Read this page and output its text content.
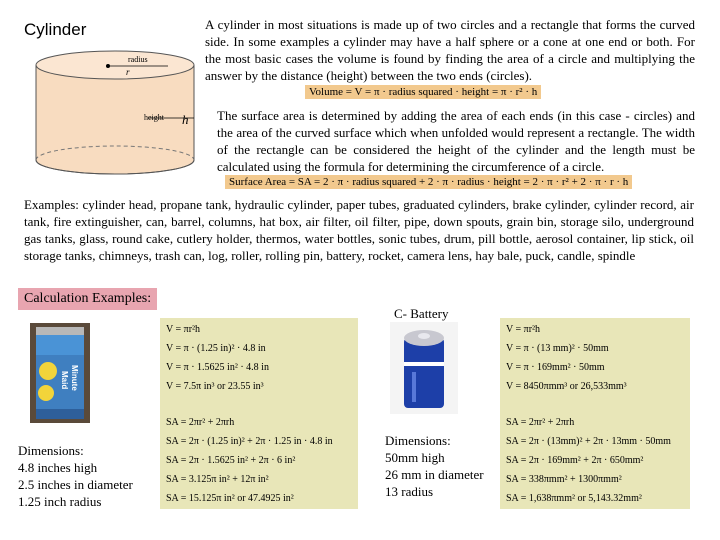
Cylinder
radius
r
height h
A cylinder in most situations is made up of two circles and a rectangle that forms the curved side. In some examples a cylinder may have a half sphere or a cone at one end or both. For the most basic cases the volume is found by finding the area of a circle and multiplying the answer by the distance (height) between the two ends (circles).
Volume = V = π · radius squared · height = π · r² · h
The surface area is determined by adding the area of each ends (in this case - circles) and the area of the curved surface which when unfolded would represent a rectangle. The width of the rectangle can be considered the height of the cylinder and the length must be calculated using the formula for determining the circumference of a circle.
Surface Area = SA = 2 · π · radius squared + 2 · π · radius · height = 2 · π · r² + 2 · π · r · h
Examples: cylinder head, propane tank, hydraulic cylinder, paper tubes, graduated cylinders, brake cylinder, cylinder record, air tank, fire extinguisher, can, barrel, columns, hat box, air filter, oil filter, pipe, down spouts, grain bin, storage silo, underground gas tanks, glass, round cake, cutlery holder, thermos, water bottles, sonic tubes, drum, pill bottle, aerosol container, lip stick, oil storage tanks, chimneys, trash can, log, roller, rolling pin, battery, rocket, camera lens, hay bale, puck, candle, spindle
Calculation Examples:
Minute
Maid
Dimensions:
4.8 inches high
2.5 inches in diameter
1.25 inch radius
V = πr²h
V = π · (1.25 in)² · 4.8 in
V = π · 1.5625 in² · 4.8 in
V = 7.5π in³ or 23.55 in³
SA = 2πr² + 2πrh
SA = 2π · (1.25 in)² + 2π · 1.25 in · 4.8 in
SA = 2π · 1.5625 in² + 2π · 6 in²
SA = 3.125π in² + 12π in²
SA = 15.125π in² or 47.4925 in²
C- Battery
Dimensions:
50mm high
26 mm in diameter
13 radius
V = πr²h
V = π · (13 mm)² · 50mm
V = π · 169mm² · 50mm
V = 8450πmm³ or 26,533mm³
SA = 2πr² + 2πrh
SA = 2π · (13mm)² + 2π · 13mm · 50mm
SA = 2π · 169mm² + 2π · 650mm²
SA = 338πmm² + 1300πmm²
SA = 1,638πmm² or 5,143.32mm²
